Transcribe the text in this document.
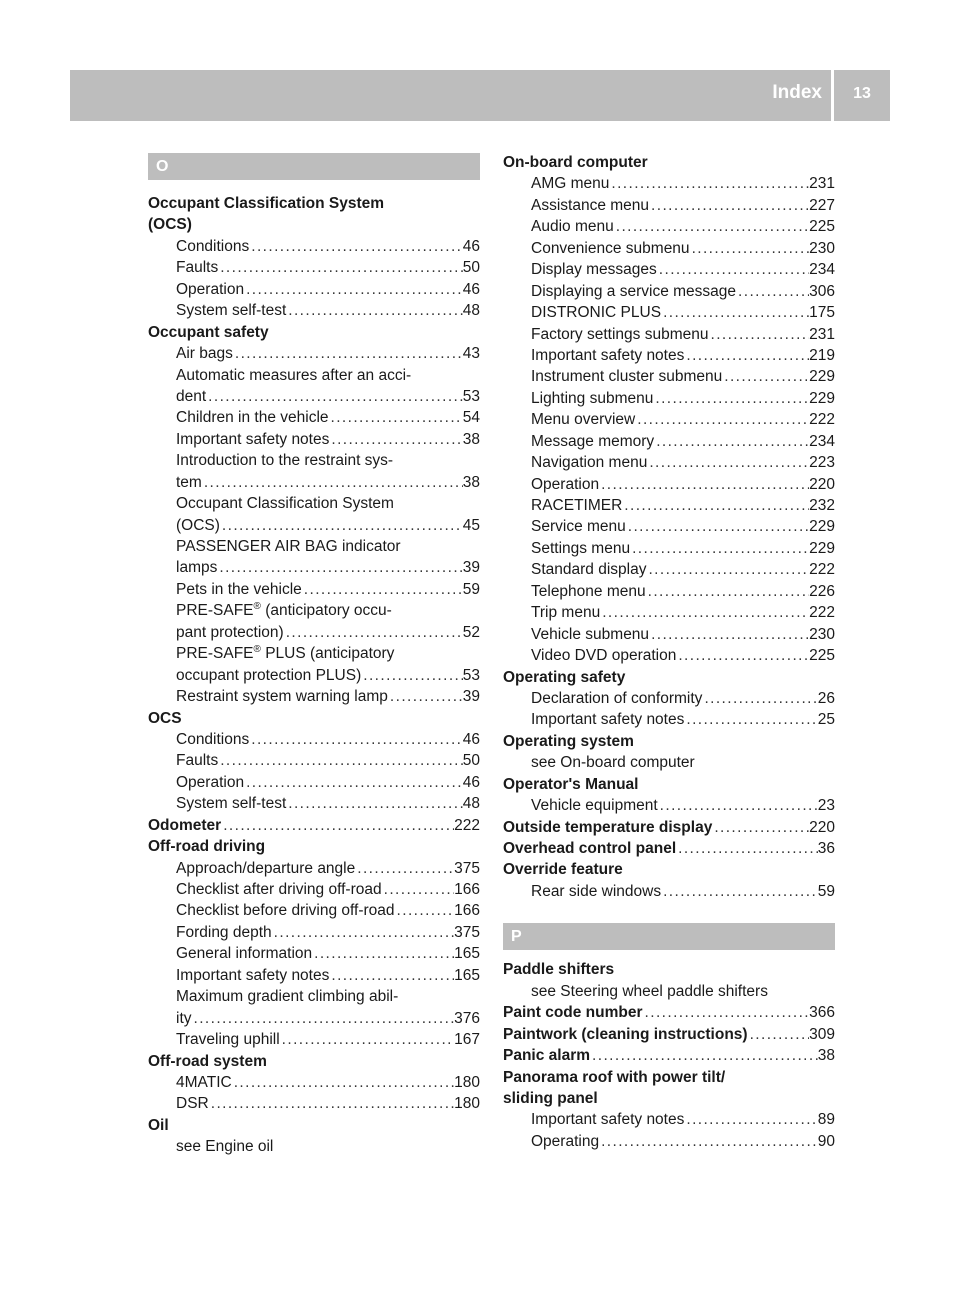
Index	13
O
Occupant Classification System
(OCS)
Conditions .....	46
Faults .....	50
Operation .....	46
System self-test .....	48
Occupant safety
Air bags .....	43
Automatic measures after an acci-
dent .....	53
Children in the vehicle .....	54
Important safety notes .....	38
Introduction to the restraint sys-
tem .....	38
Occupant Classification System
(OCS) .....	45
PASSENGER AIR BAG indicator
lamps .....	39
Pets in the vehicle .....	59
PRE-SAFE® (anticipatory occu-
pant protection) .....	52
PRE-SAFE® PLUS (anticipatory
occupant protection PLUS) .....	53
Restraint system warning lamp .....	39
OCS
Conditions .....	46
Faults .....	50
Operation .....	46
System self-test .....	48
Odometer .....	222
Off-road driving
Approach/departure angle .....	375
Checklist after driving off-road .....	166
Checklist before driving off-road .....	166
Fording depth .....	375
General information .....	165
Important safety notes .....	165
Maximum gradient climbing abil-
ity .....	376
Traveling uphill .....	167
Off-road system
4MATIC .....	180
DSR .....	180
Oil
see Engine oil
On-board computer
AMG menu .....	231
Assistance menu .....	227
Audio menu .....	225
Convenience submenu .....	230
Display messages .....	234
Displaying a service message .....	306
DISTRONIC PLUS .....	175
Factory settings submenu .....	231
Important safety notes .....	219
Instrument cluster submenu .....	229
Lighting submenu .....	229
Menu overview .....	222
Message memory .....	234
Navigation menu .....	223
Operation .....	220
RACETIMER .....	232
Service menu .....	229
Settings menu .....	229
Standard display .....	222
Telephone menu .....	226
Trip menu .....	222
Vehicle submenu .....	230
Video DVD operation .....	225
Operating safety
Declaration of conformity .....	26
Important safety notes .....	25
Operating system
see On-board computer
Operator's Manual
Vehicle equipment .....	23
Outside temperature display .....	220
Overhead control panel .....	36
Override feature
Rear side windows .....	59
P
Paddle shifters
see Steering wheel paddle shifters
Paint code number .....	366
Paintwork (cleaning instructions) .....	309
Panic alarm .....	38
Panorama roof with power tilt/
sliding panel
Important safety notes .....	89
Operating .....	90
